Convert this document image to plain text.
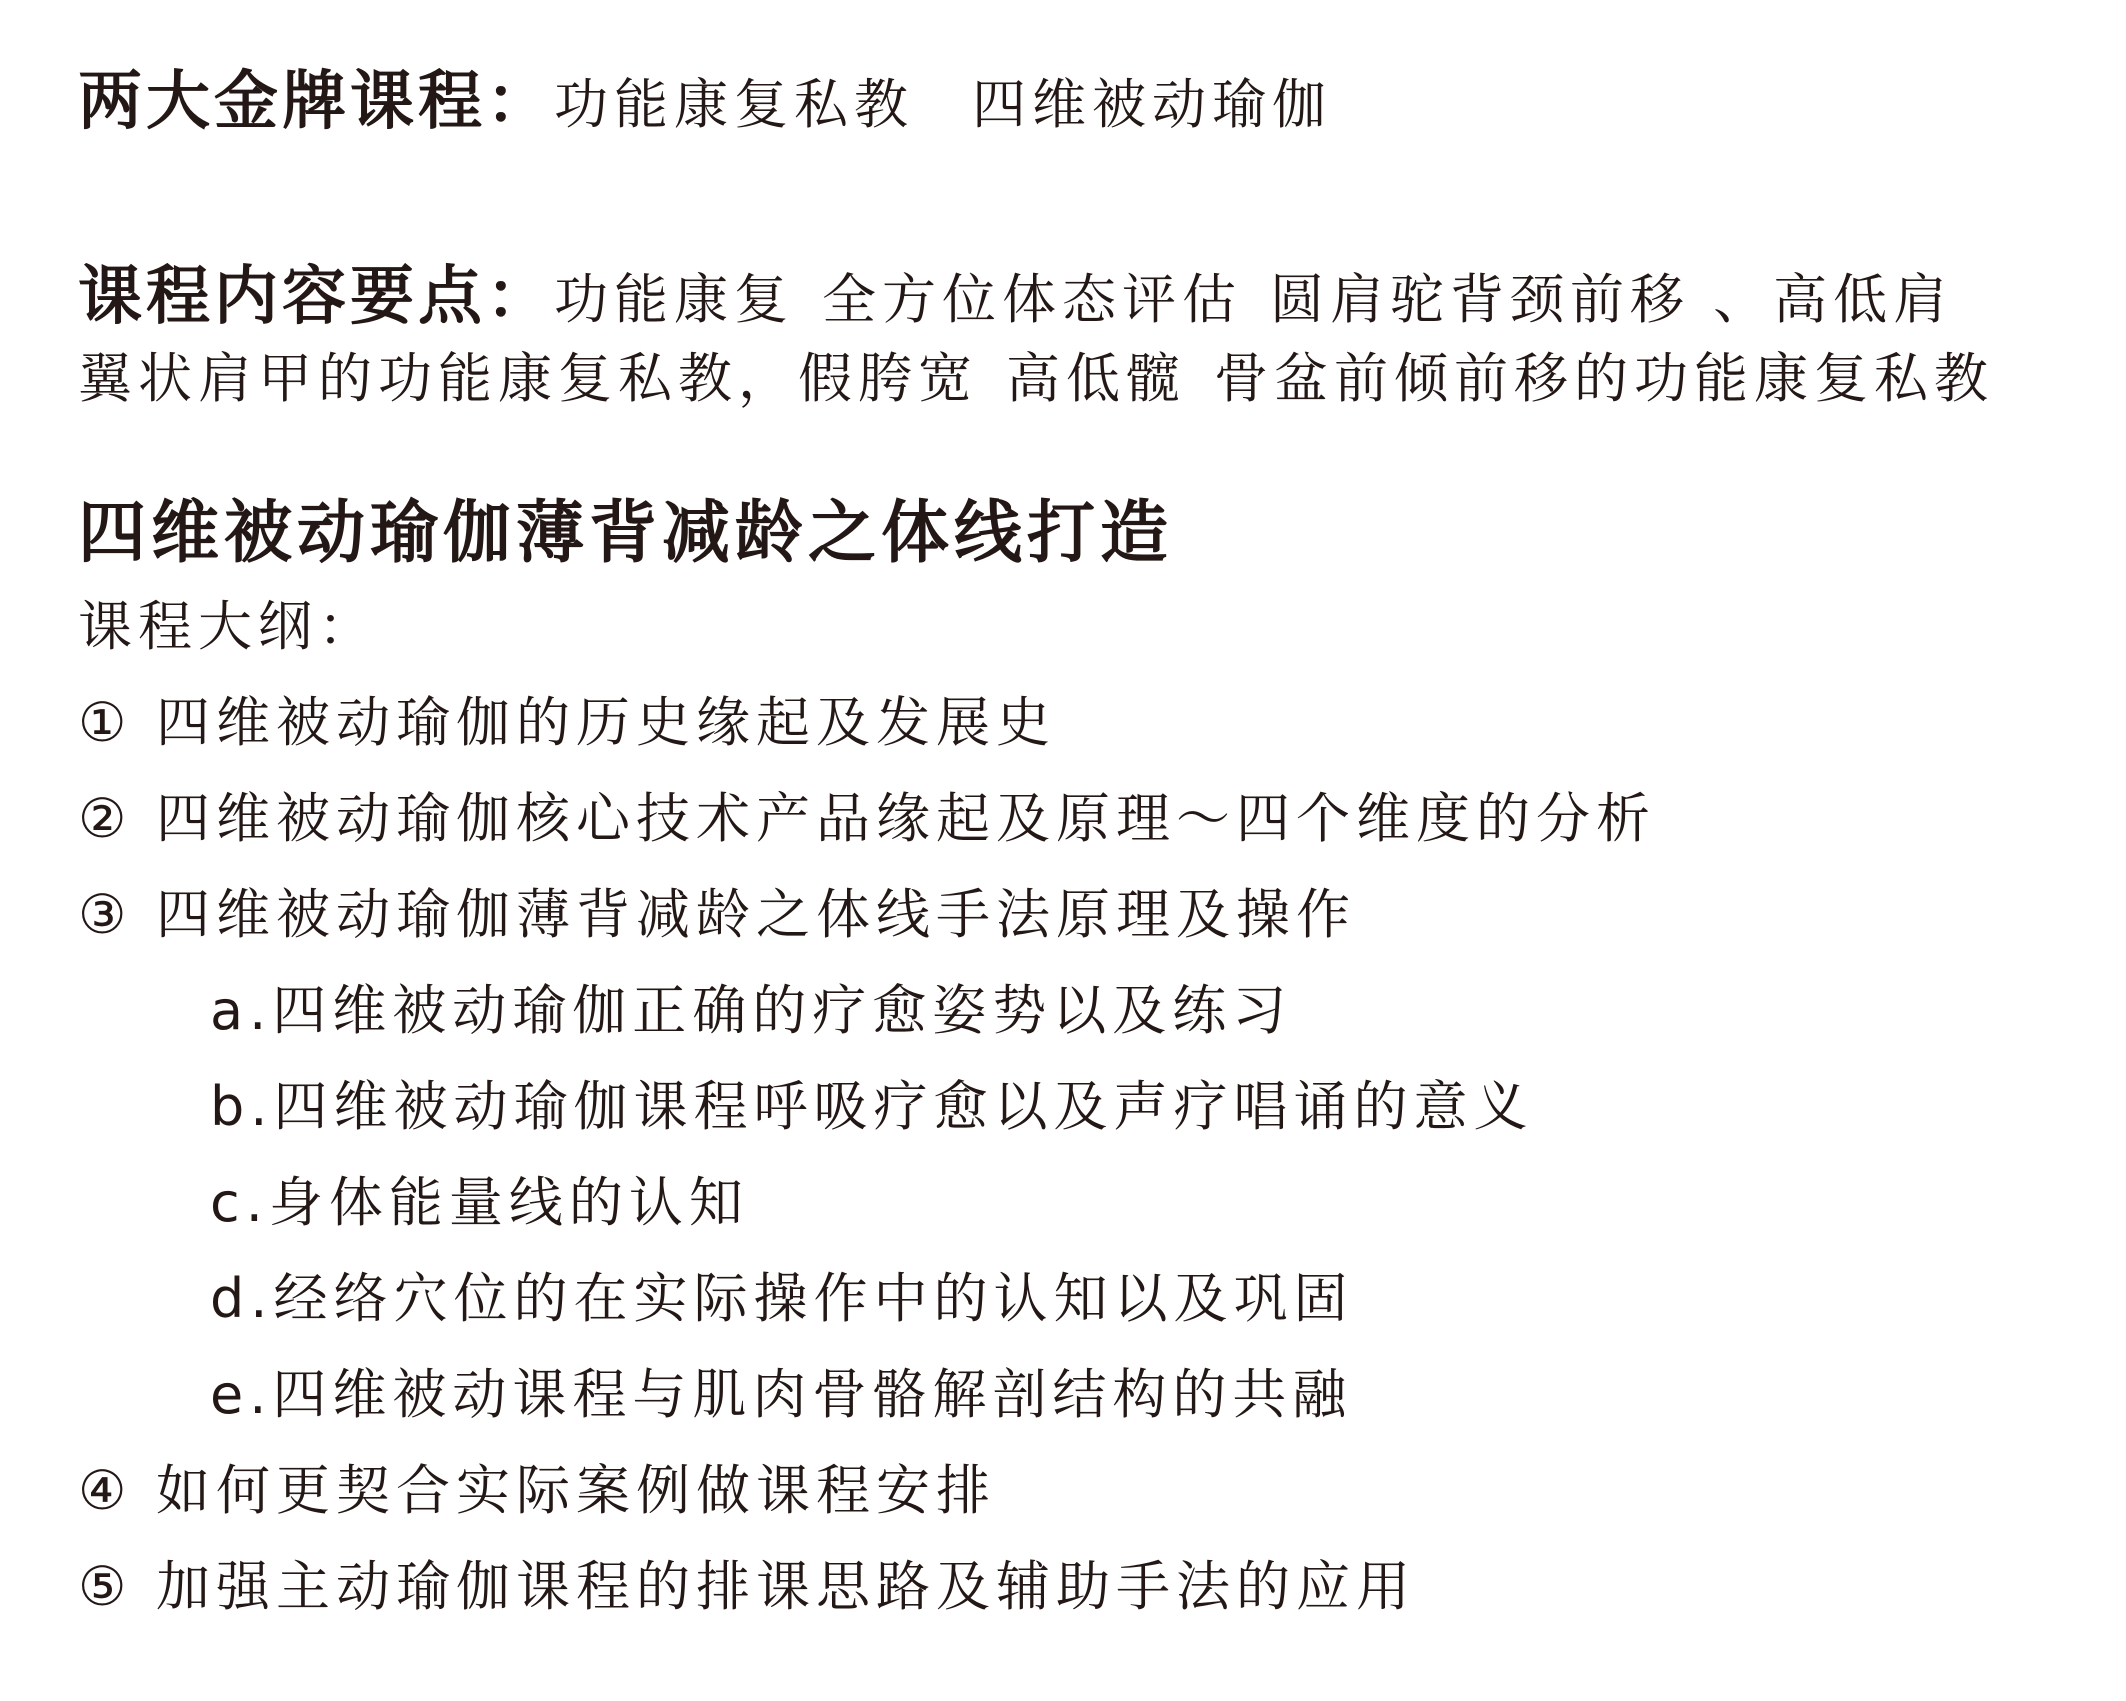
两大金牌课程：功能康复私教 四维被动瑜伽
课程内容要点：功能康复 全方位体态评估 圆肩驼背颈前移 、高低肩
翼状肩甲的功能康复私教，假胯宽 高低髋 骨盆前倾前移的功能康复私教
四维被动瑜伽薄背减龄之体线打造
课程大纲：
① 四维被动瑜伽的历史缘起及发展史
② 四维被动瑜伽核心技术产品缘起及原理～四个维度的分析
③ 四维被动瑜伽薄背减龄之体线手法原理及操作
a.四维被动瑜伽正确的疗愈姿势以及练习
b.四维被动瑜伽课程呼吸疗愈以及声疗唱诵的意义
c.身体能量线的认知
d.经络穴位的在实际操作中的认知以及巩固
e.四维被动课程与肌肉骨骼解剖结构的共融
④ 如何更契合实际案例做课程安排
⑤ 加强主动瑜伽课程的排课思路及辅助手法的应用
